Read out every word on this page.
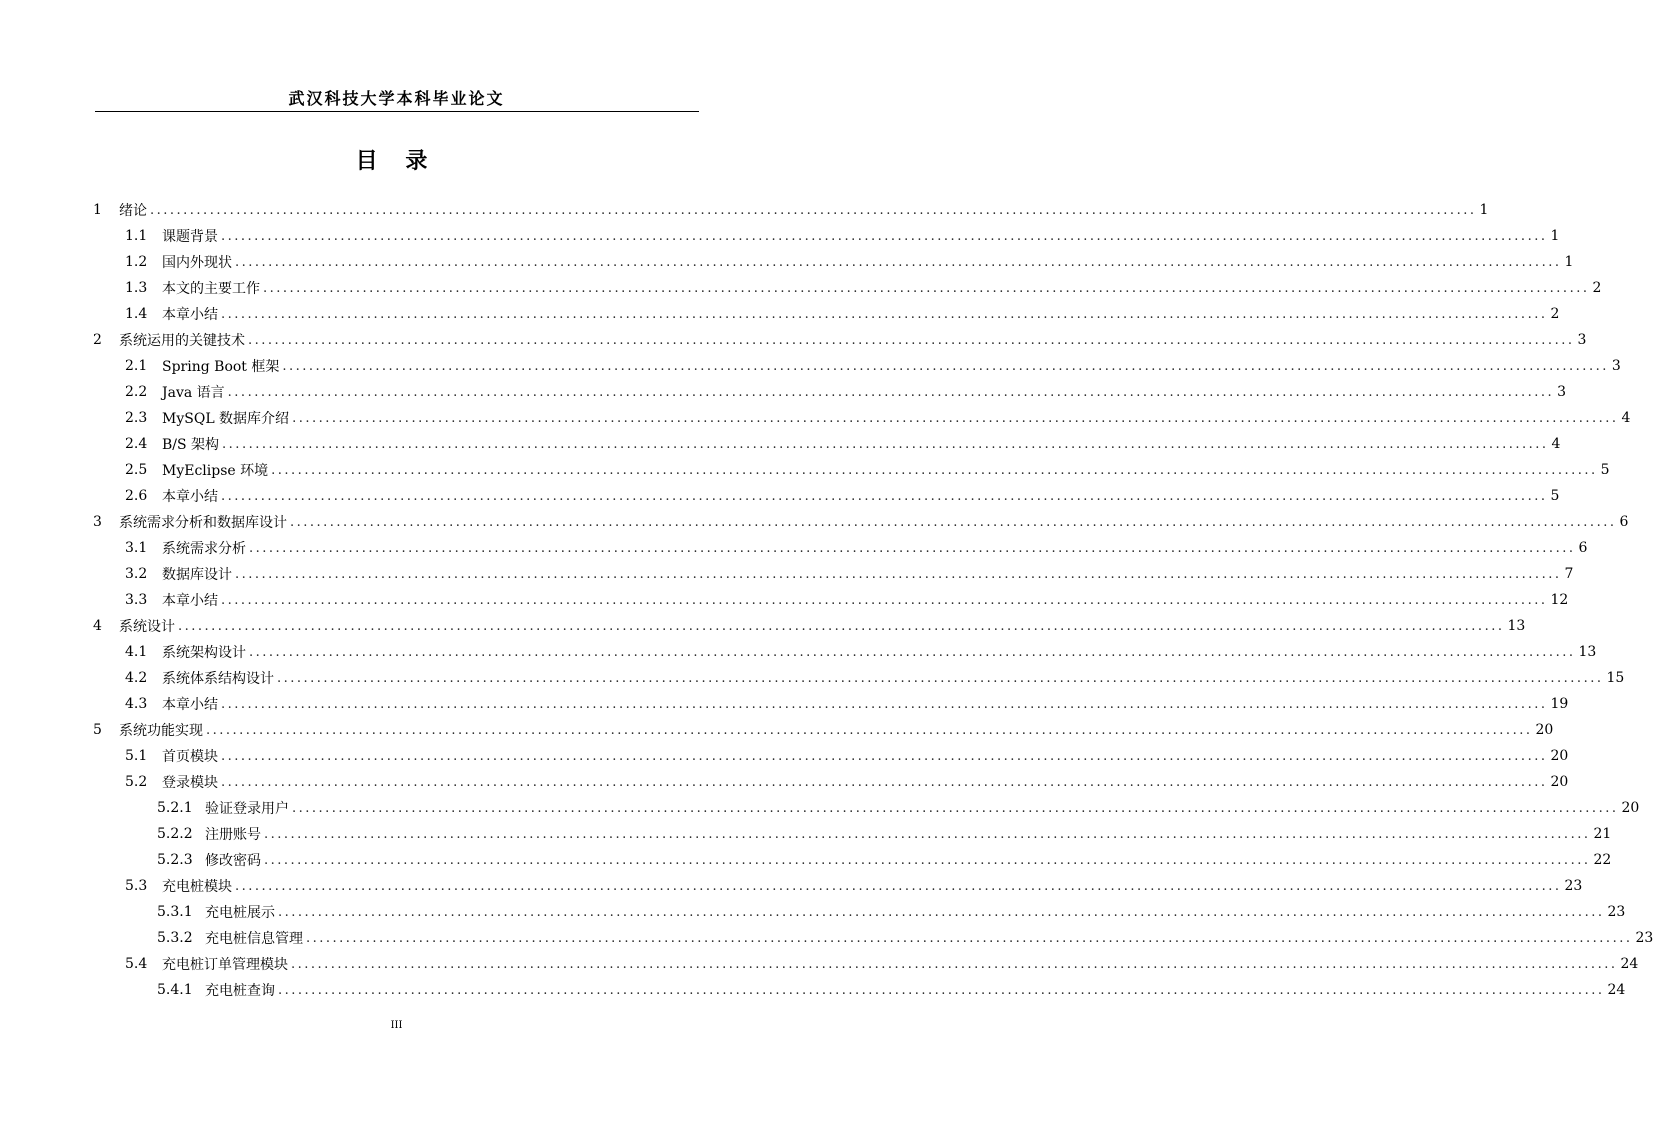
武汉科技大学本科毕业论文
目 录
1	绪论 ........................................................................................................................................................................................................ 1
1.1	课题背景 ........................................................................................................................................................................................................ 1
1.2	国内外现状 ........................................................................................................................................................................................................ 1
1.3	本文的主要工作 ........................................................................................................................................................................................................ 2
1.4	本章小结 ........................................................................................................................................................................................................ 2
2	系统运用的关键技术 ........................................................................................................................................................................................................ 3
2.1	Spring Boot 框架 ........................................................................................................................................................................................................ 3
2.2	Java 语言 ........................................................................................................................................................................................................ 3
2.3	MySQL 数据库介绍 ........................................................................................................................................................................................................ 4
2.4	B/S 架构 ........................................................................................................................................................................................................ 4
2.5	MyEclipse 环境 ........................................................................................................................................................................................................ 5
2.6	本章小结 ........................................................................................................................................................................................................ 5
3	系统需求分析和数据库设计 ........................................................................................................................................................................................................ 6
3.1	系统需求分析 ........................................................................................................................................................................................................ 6
3.2	数据库设计 ........................................................................................................................................................................................................ 7
3.3	本章小结 ........................................................................................................................................................................................................ 12
4	系统设计 ........................................................................................................................................................................................................ 13
4.1	系统架构设计 ........................................................................................................................................................................................................ 13
4.2	系统体系结构设计 ........................................................................................................................................................................................................ 15
4.3	本章小结 ........................................................................................................................................................................................................ 19
5	系统功能实现 ........................................................................................................................................................................................................ 20
5.1	首页模块 ........................................................................................................................................................................................................ 20
5.2	登录模块 ........................................................................................................................................................................................................ 20
5.2.1 验证登录用户 ........................................................................................................................................................................................................ 20
5.2.2 注册账号 ........................................................................................................................................................................................................ 21
5.2.3 修改密码 ........................................................................................................................................................................................................ 22
5.3	充电桩模块 ........................................................................................................................................................................................................ 23
5.3.1 充电桩展示 ........................................................................................................................................................................................................ 23
5.3.2 充电桩信息管理 ........................................................................................................................................................................................................ 23
5.4	充电桩订单管理模块 ........................................................................................................................................................................................................ 24
5.4.1 充电桩查询 ........................................................................................................................................................................................................ 24
III
